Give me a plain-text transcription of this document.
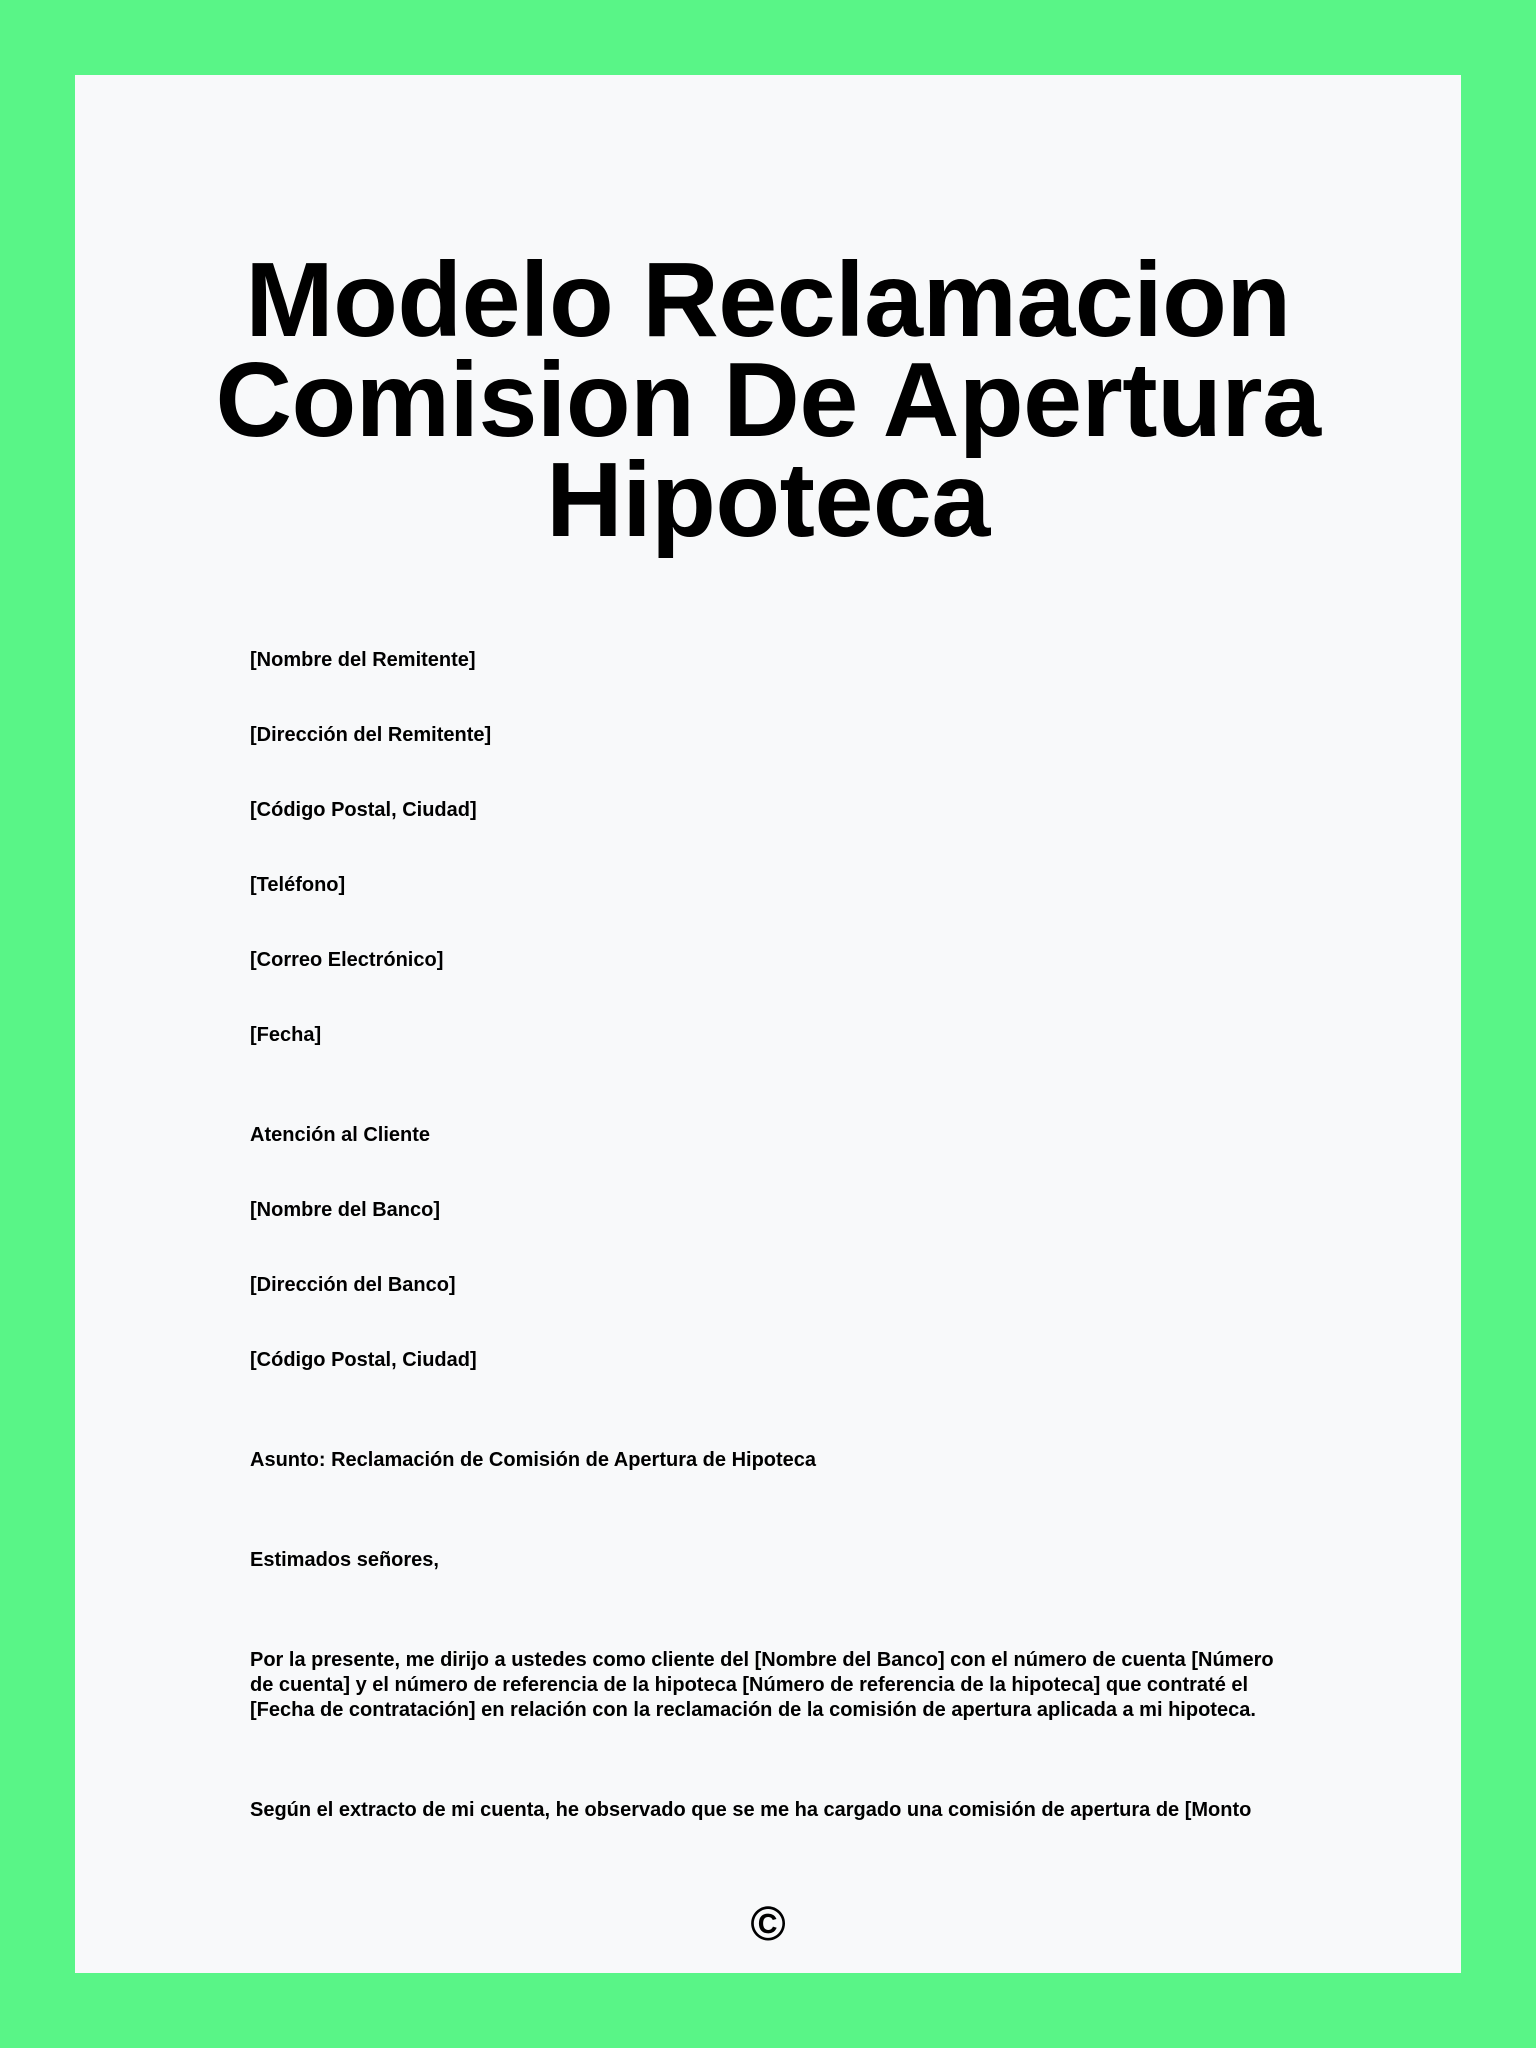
Modelo Reclamacion
Comision De Apertura
Hipoteca

[Nombre del Remitente]

[Dirección del Remitente]

[Código Postal, Ciudad]

[Teléfono]

[Correo Electrónico]

[Fecha]

Atención al Cliente

[Nombre del Banco]

[Dirección del Banco]

[Código Postal, Ciudad]

Asunto: Reclamación de Comisión de Apertura de Hipoteca

Estimados señores,

Por la presente, me dirijo a ustedes como cliente del [Nombre del Banco] con el número de cuenta [Número
de cuenta] y el número de referencia de la hipoteca [Número de referencia de la hipoteca] que contraté el
[Fecha de contratación] en relación con la reclamación de la comisión de apertura aplicada a mi hipoteca.

Según el extracto de mi cuenta, he observado que se me ha cargado una comisión de apertura de [Monto

©
